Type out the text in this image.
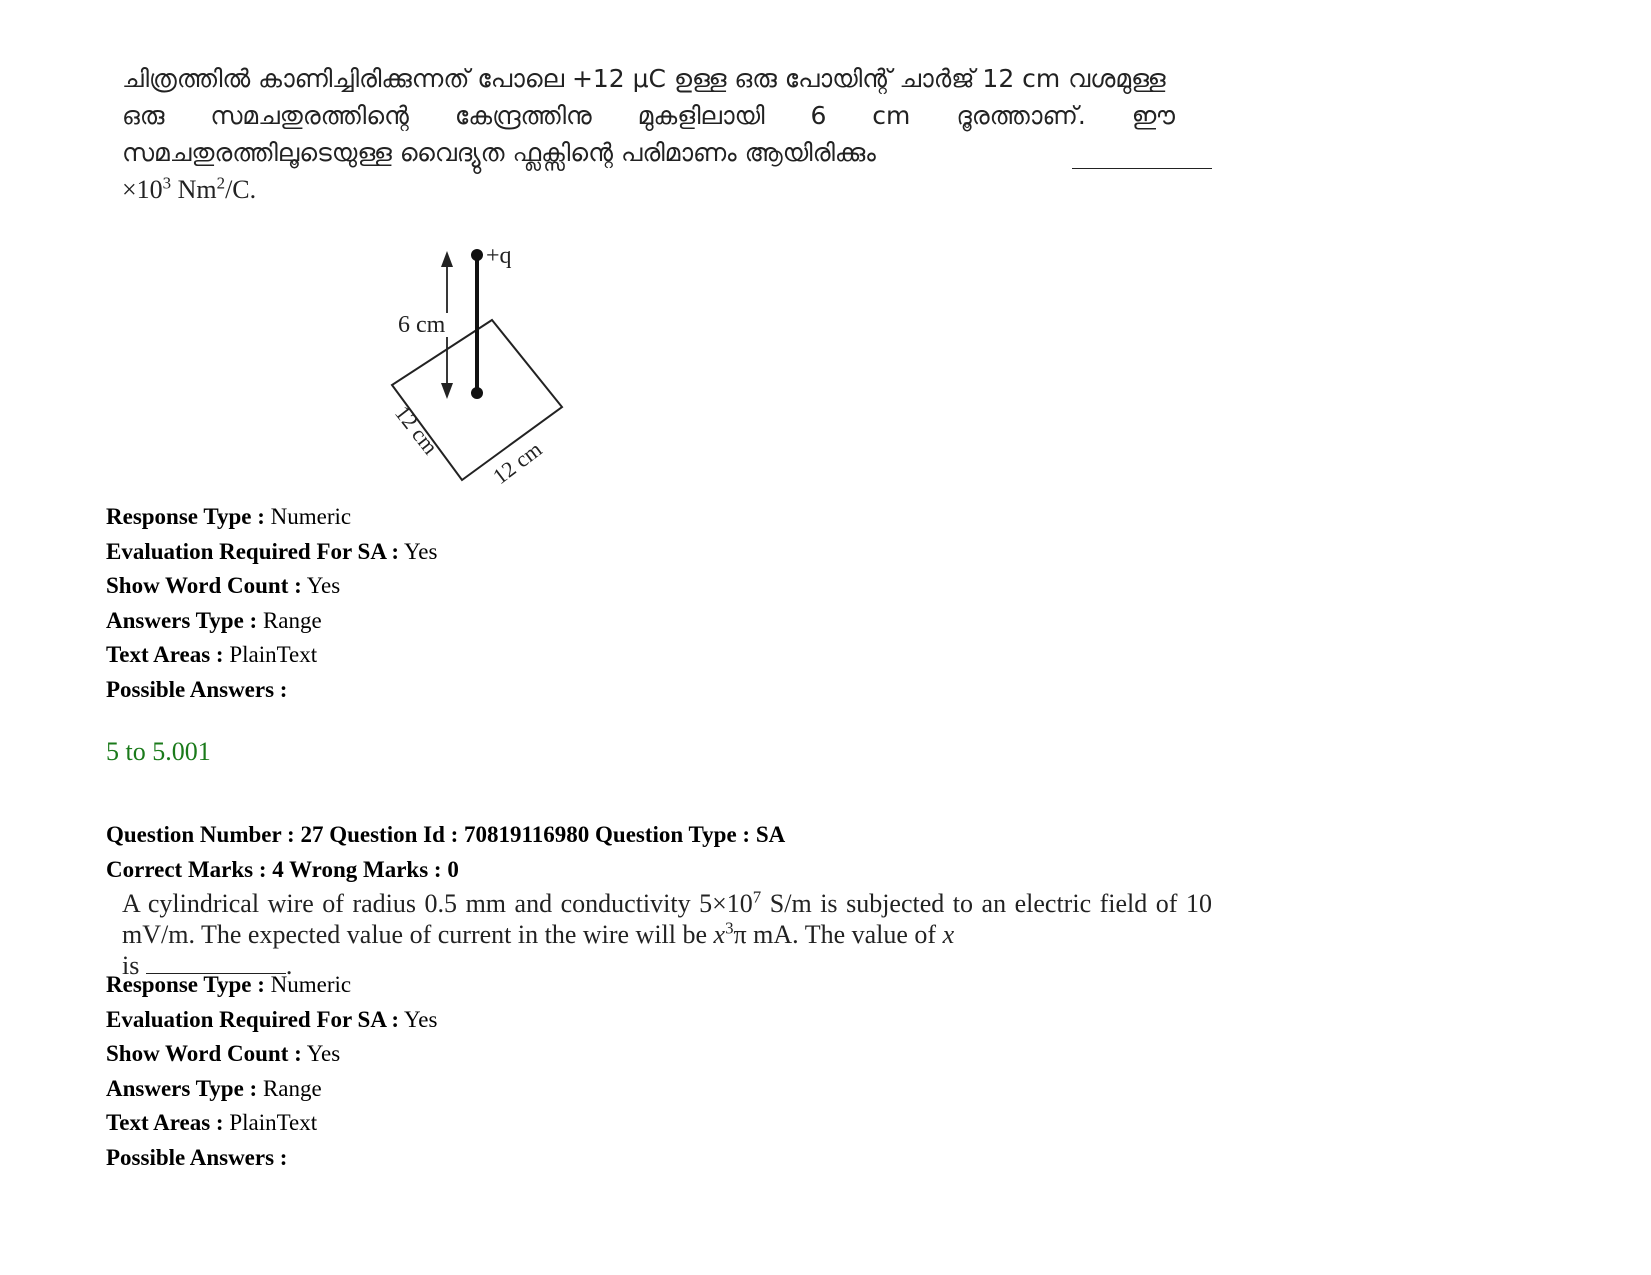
ചിത്രത്തിൽ കാണിച്ചിരിക്കുന്നത് പോലെ +12 μC ഉള്ള ഒരു പോയിന്റ് ചാർജ് 12 cm വശമുള്ള
ഒരു സമചതുരത്തിന്റെ കേന്ദ്രത്തിനു മുകളിലായി 6 cm ദൂരത്താണ്. ഈ
സമചതുരത്തിലൂടെയുള്ള വൈദ്യുത ഫ്ലക്സിന്റെ പരിമാണം ആയിരിക്കും
$\times 10^3$ Nm$^2$/C.
6 cm
+q
12 cm
12 cm
Response Type : Numeric
Evaluation Required For SA : Yes
Show Word Count : Yes
Answers Type : Range
Text Areas : PlainText
Possible Answers :
5 to 5.001
Question Number : 27 Question Id : 70819116980 Question Type : SA
Correct Marks : 4 Wrong Marks : 0
A cylindrical wire of radius 0.5 mm and conductivity $5\times 10^7$ S/m is subjected to an electric field of 10 mV/m. The expected value of current in the wire will be $x^3\pi$ mA. The value of x
is	.
Response Type : Numeric
Evaluation Required For SA : Yes
Show Word Count : Yes
Answers Type : Range
Text Areas : PlainText
Possible Answers :
